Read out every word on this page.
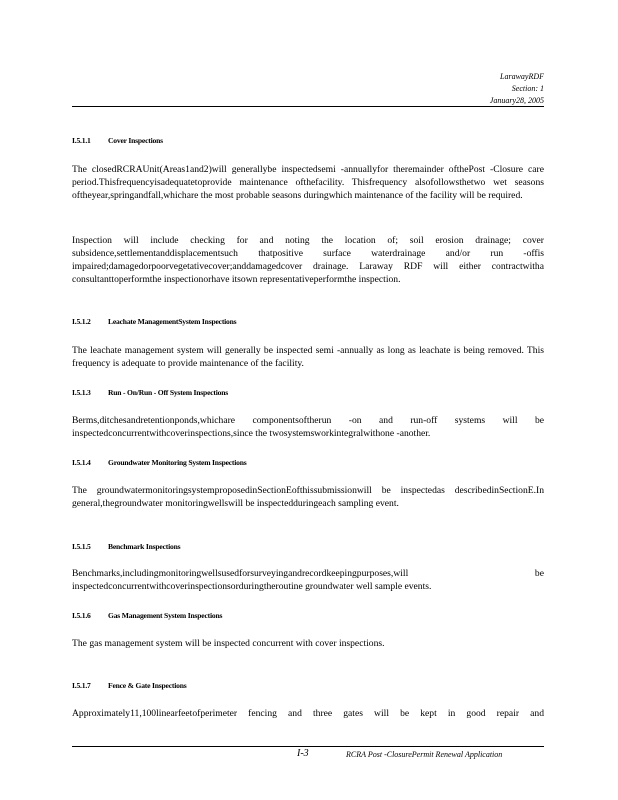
LarawayRDF
Section: 1
January28, 2005
I.5.1.1 Cover Inspections

The closedRCRAUnit(Areas1and2)will generallybe inspectedsemi -annuallyfor theremainder ofthePost -Closure care period.Thisfrequencyisadequatetoprovide maintenance ofthefacility. Thisfrequency alsofollowsthetwo wet seasons oftheyear,springandfall,whichare the most probable seasons duringwhich maintenance of the facility will be required.

Inspection will include checking for and noting the location of; soil erosion drainage; cover subsidence,settlementanddisplacementsuch thatpositive surface waterdrainage and/or run -offis impaired;damagedorpoorvegetativecover;anddamagedcover drainage. Laraway RDF will either contractwitha consultanttoperformthe inspectionorhave itsown representativeperformthe inspection.

I.5.1.2 Leachate ManagementSystem Inspections

The leachate management system will generally be inspected semi -annually as long as leachate is being removed. This frequency is adequate to provide maintenance of the facility.

I.5.1.3 Run - On/Run - Off System Inspections

Berms,ditchesandretentionponds,whichare componentsoftherun -on and run-off systems will be inspectedconcurrentwithcoverinspections,since the twosystemsworkintegralwithone -another.

I.5.1.4 Groundwater Monitoring System Inspections

The groundwatermonitoringsystemproposedinSectionEofthissubmissionwill be inspectedas describedinSectionE.In general,thegroundwater monitoringwellswill be inspectedduringeach sampling event.

I.5.1.5 Benchmark Inspections

Benchmarks,includingmonitoringwellsusedforsurveyingandrecordkeepingpurposes,will be inspectedconcurrentwithcoverinspectionsorduringtheroutine groundwater well sample events.

I.5.1.6 Gas Management System Inspections

The gas management system will be inspected concurrent with cover inspections.

I.5.1.7 Fence & Gate Inspections

Approximately11,100linearfeetofperimeter fencing and three gates will be kept in good repair and

I-3	RCRA Post -ClosurePermit Renewal Application
